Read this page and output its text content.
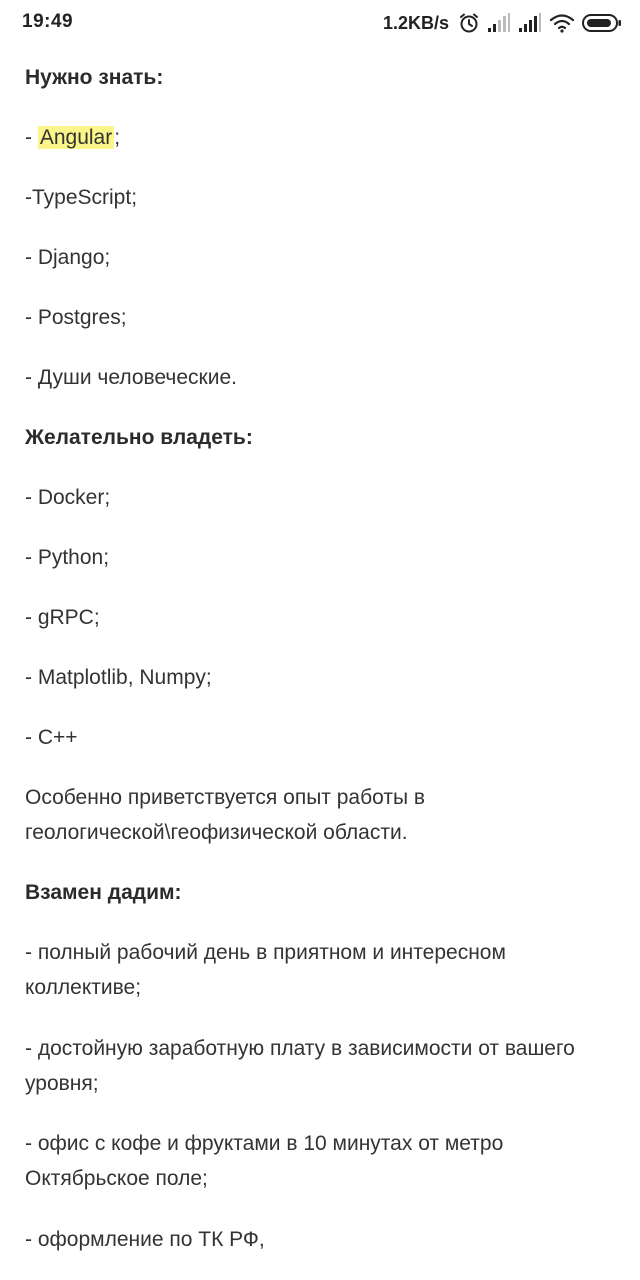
19:49	1.2KB/s
Нужно знать:
- Angular;
-TypeScript;
- Django;
- Postgres;
- Души человеческие.
Желательно владеть:
- Docker;
- Python;
- gRPC;
- Matplotlib, Numpy;
- C++
Особенно приветствуется опыт работы в геологической\геофизической области.
Взамен дадим:
- полный рабочий день в приятном и интересном коллективе;
- достойную заработную плату в зависимости от вашего уровня;
- офис с кофе и фруктами в 10 минутах от метро Октябрьское поле;
- оформление по ТК РФ,
